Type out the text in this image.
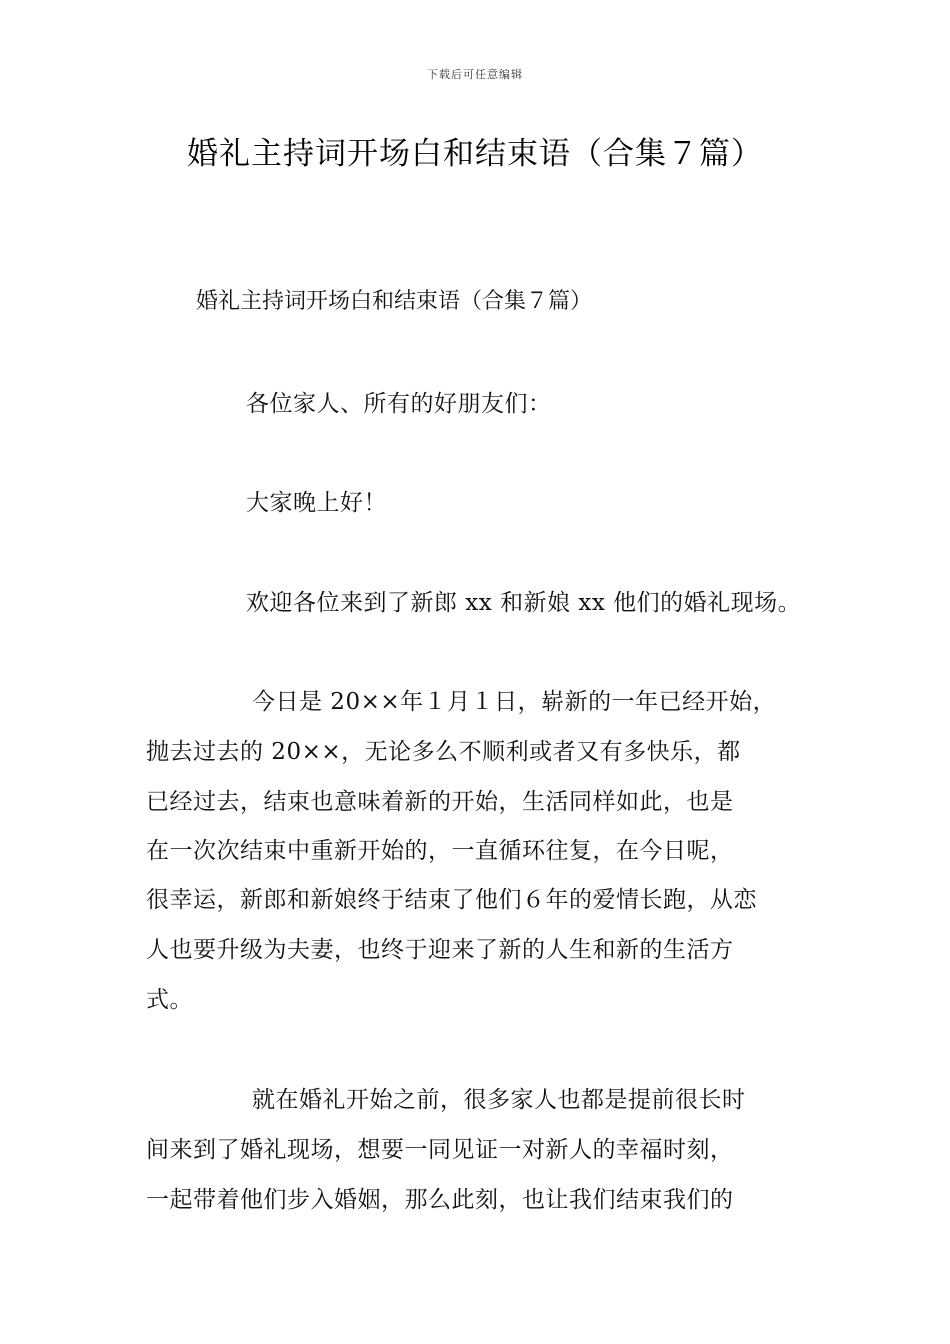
下载后可任意编辑
婚礼主持词开场白和结束语（合集７篇）
婚礼主持词开场白和结束语（合集７篇）
各位家人、所有的好朋友们：
大家晚上好！
欢迎各位来到了新郎 xx 和新娘 xx 他们的婚礼现场。
今日是 20××年１月１日，崭新的一年已经开始，
抛去过去的 20××，无论多么不顺利或者又有多快乐，都
已经过去，结束也意味着新的开始，生活同样如此，也是
在一次次结束中重新开始的，一直循环往复，在今日呢，
很幸运，新郎和新娘终于结束了他们６年的爱情长跑，从恋
人也要升级为夫妻，也终于迎来了新的人生和新的生活方
式。
就在婚礼开始之前，很多家人也都是提前很长时
间来到了婚礼现场，想要一同见证一对新人的幸福时刻，
一起带着他们步入婚姻，那么此刻，也让我们结束我们的
